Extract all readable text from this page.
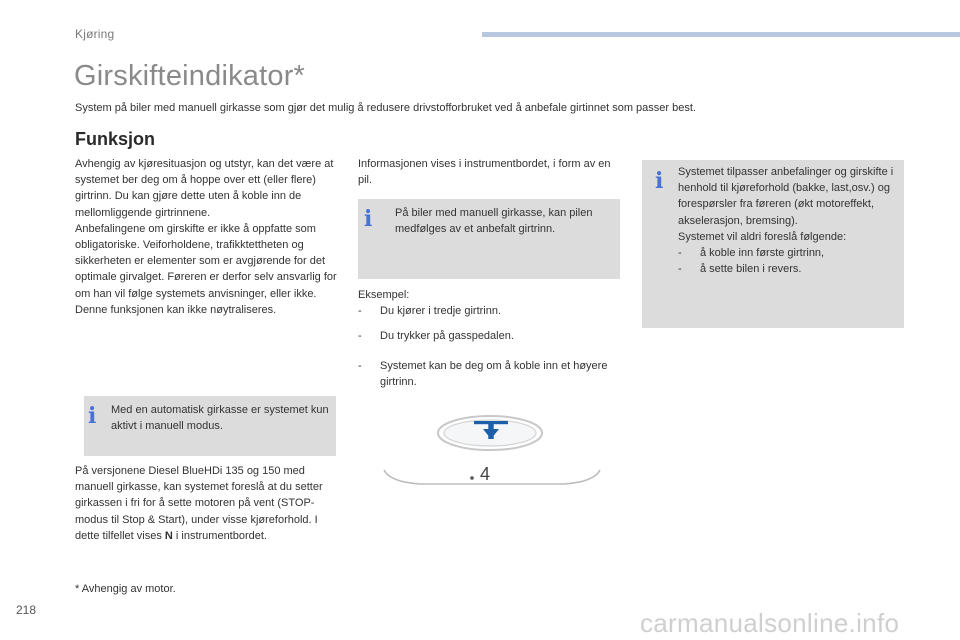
Kjøring
Girskifteindikator*

System på biler med manuell girkasse som gjør det mulig å redusere drivstofforbruket ved å anbefale girtinnet som passer best.

Funksjon

Avhengig av kjøresituasjon og utstyr, kan det være at systemet ber deg om å hoppe over ett (eller flere) girtrinn. Du kan gjøre dette uten å koble inn de mellomliggende girtrinnene.

Anbefalingene om girskifte er ikke å oppfatte som obligatoriske. Veiforholdene, trafikktettheten og sikkerheten er elementer som er avgjørende for det optimale girvalget. Føreren er derfor selv ansvarlig for om han vil følge systemets anvisninger, eller ikke.

Denne funksjonen kan ikke nøytraliseres.

i Med en automatisk girkasse er systemet kun aktivt i manuell modus.

På versjonene Diesel BlueHDi 135 og 150 med manuell girkasse, kan systemet foreslå at du setter girkassen i fri for å sette motoren på vent (STOP-modus til Stop & Start), under visse kjøreforhold. I dette tilfellet vises N i instrumentbordet.

* Avhengig av motor.

Informasjonen vises i instrumentbordet, i form av en pil.

i På biler med manuell girkasse, kan pilen medfølges av et anbefalt girtrinn.

Eksempel:

- Du kjører i tredje girtrinn.
- Du trykker på gasspedalen.
- Systemet kan be deg om å koble inn et høyere girtrinn.
4
i Systemet tilpasser anbefalinger og girskifte i henhold til kjøreforhold (bakke, last,osv.) og forespørsler fra føreren (økt motoreffekt, akselerasjon, bremsing).

Systemet vil aldri foreslå følgende:

- å koble inn første girtrinn,
- å sette bilen i revers.
218	carmanualsonline.info
